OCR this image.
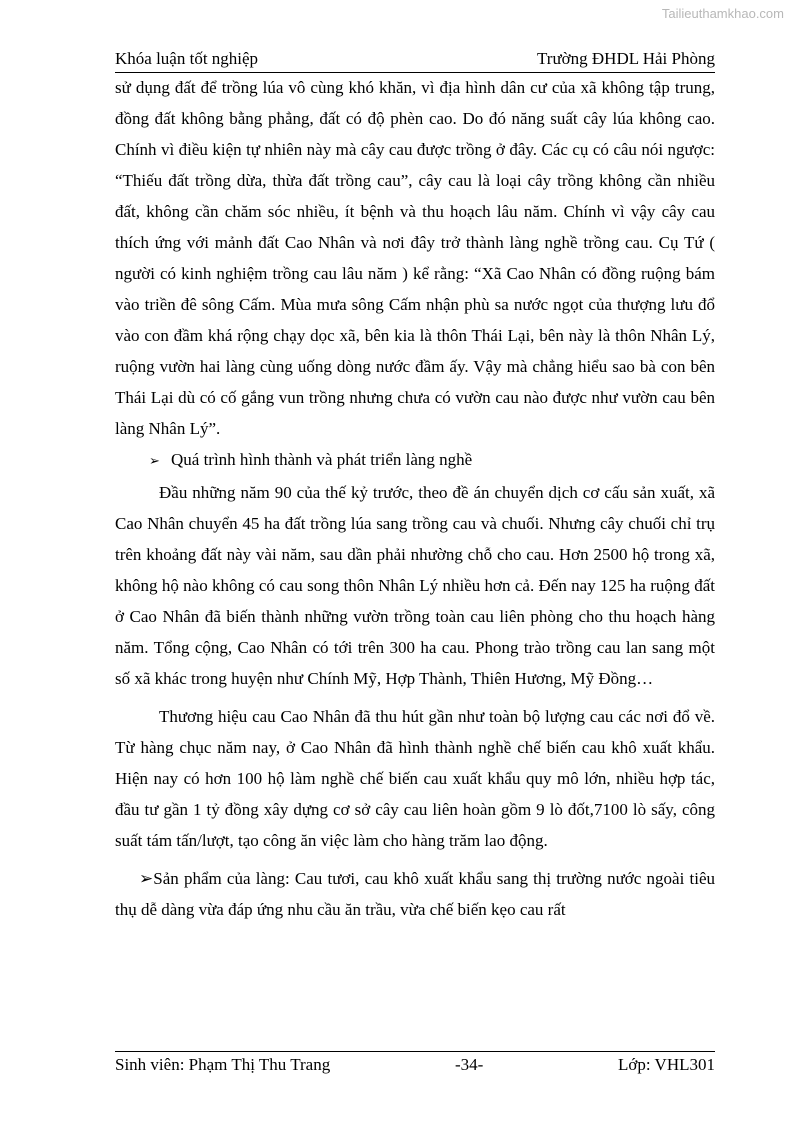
Tailieuthamkhao.com
Khóa luận tốt nghiệp	Trường ĐHDL Hải Phòng

sử dụng đất để trồng lúa vô cùng khó khăn, vì địa hình dân cư của xã không tập trung, đồng đất không bằng phẳng, đất có độ phèn cao. Do đó năng suất cây lúa không cao. Chính vì điều kiện tự nhiên này mà cây cau được trồng ở đây. Các cụ có câu nói ngược: “Thiếu đất trồng dừa, thừa đất trồng cau”, cây cau là loại cây trồng không cần nhiều đất, không cần chăm sóc nhiều, ít bệnh và thu hoạch lâu năm. Chính vì vậy cây cau thích ứng với mảnh đất Cao Nhân và nơi đây trở thành làng nghề trồng cau. Cụ Tứ ( người có kinh nghiệm trồng cau lâu năm ) kể rằng: “Xã Cao Nhân có đồng ruộng bám vào triền đê sông Cấm. Mùa mưa sông Cấm nhận phù sa nước ngọt của thượng lưu đổ vào con đầm khá rộng chạy dọc xã, bên kia là thôn Thái Lại, bên này là thôn Nhân Lý, ruộng vườn hai làng cùng uống dòng nước đầm ấy. Vậy mà chẳng hiểu sao bà con bên Thái Lại dù có cố gắng vun trồng nhưng chưa có vườn cau nào được như vườn cau bên làng Nhân Lý”.

➢ Quá trình hình thành và phát triển làng nghề

Đầu những năm 90 của thế kỷ trước, theo đề án chuyển dịch cơ cấu sản xuất, xã Cao Nhân chuyển 45 ha đất trồng lúa sang trồng cau và chuối. Nhưng cây chuối chỉ trụ trên khoảng đất này vài năm, sau dần phải nhường chỗ cho cau. Hơn 2500 hộ trong xã, không hộ nào không có cau song thôn Nhân Lý nhiều hơn cả. Đến nay 125 ha ruộng đất ở Cao Nhân đã biến thành những vườn trồng toàn cau liên phòng cho thu hoạch hàng năm. Tổng cộng, Cao Nhân có tới trên 300 ha cau. Phong trào trồng cau lan sang một số xã khác trong huyện như Chính Mỹ, Hợp Thành, Thiên Hương, Mỹ Đồng…

Thương hiệu cau Cao Nhân đã thu hút gần như toàn bộ lượng cau các nơi đổ về. Từ hàng chục năm nay, ở Cao Nhân đã hình thành nghề chế biến cau khô xuất khẩu. Hiện nay có hơn 100 hộ làm nghề chế biến cau xuất khẩu quy mô lớn, nhiều hợp tác, đầu tư gần 1 tỷ đồng xây dựng cơ sở cây cau liên hoàn gồm 9 lò đốt,7100 lò sấy, công suất tám tấn/lượt, tạo công ăn việc làm cho hàng trăm lao động.

➢Sản phẩm của làng: Cau tươi, cau khô xuất khẩu sang thị trường nước ngoài tiêu thụ dễ dàng vừa đáp ứng nhu cầu ăn trầu, vừa chế biến kẹo cau rất

Sinh viên: Phạm Thị Thu Trang	-34-	Lớp: VHL301
